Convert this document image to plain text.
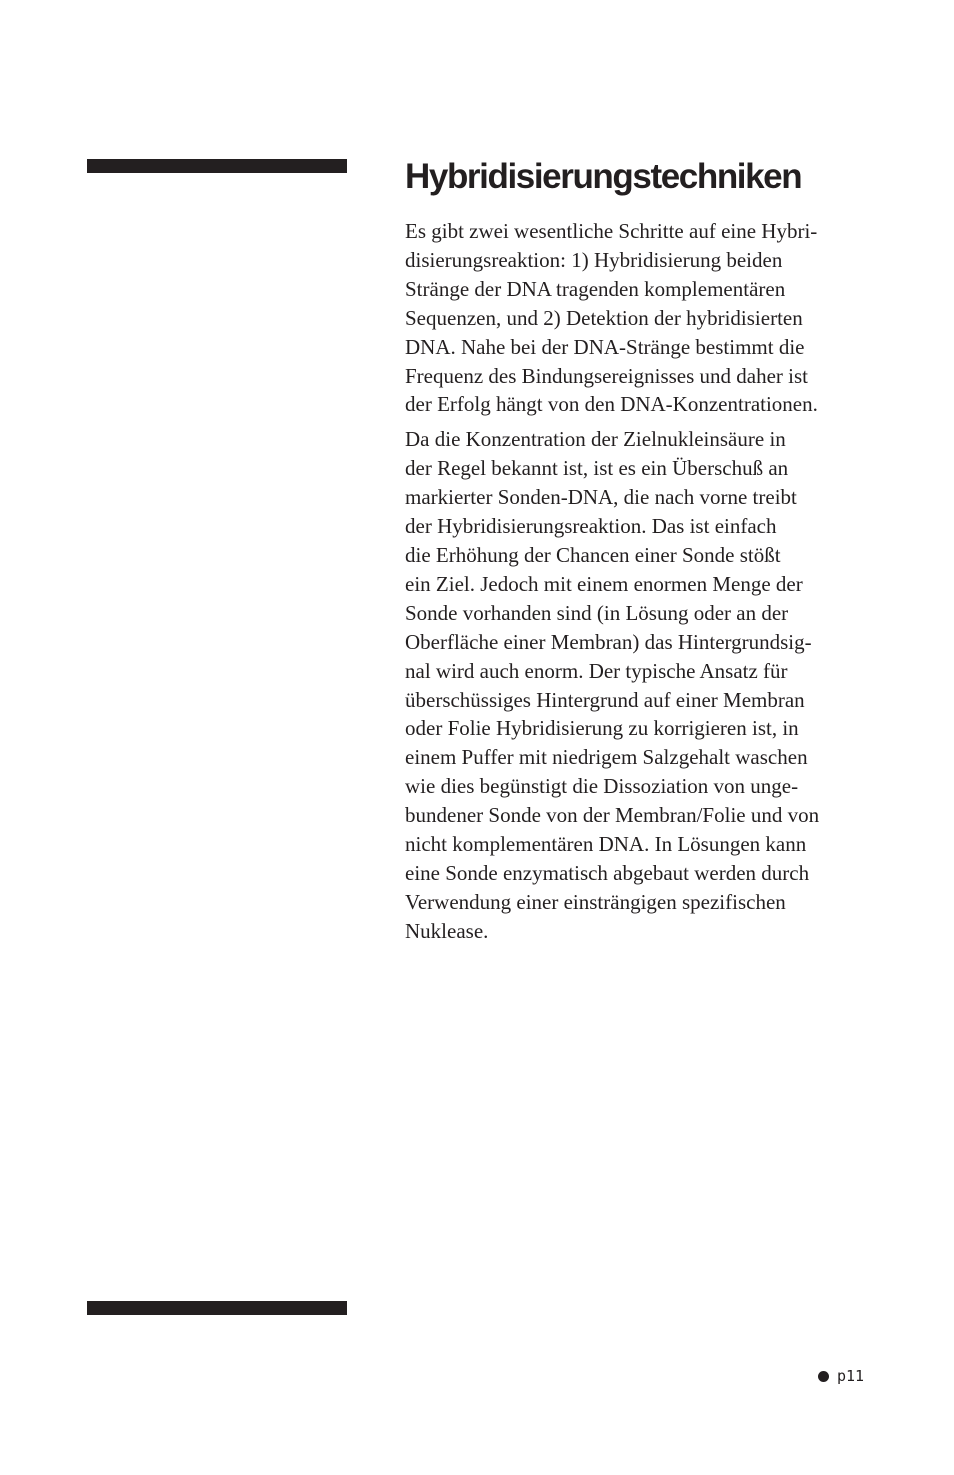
Hybridisierungstechniken

Es gibt zwei wesentliche Schritte auf eine Hybri-
disierungsreaktion: 1) Hybridisierung beiden
Stränge der DNA tragenden komplementären
Sequenzen, und 2) Detektion der hybridisierten
DNA. Nahe bei der DNA-Stränge bestimmt die
Frequenz des Bindungsereignisses und daher ist
der Erfolg hängt von den DNA-Konzentrationen.

Da die Konzentration der Zielnukleinsäure in
der Regel bekannt ist, ist es ein Überschuß an
markierter Sonden-DNA, die nach vorne treibt
der Hybridisierungsreaktion. Das ist einfach
die Erhöhung der Chancen einer Sonde stößt
ein Ziel. Jedoch mit einem enormen Menge der
Sonde vorhanden sind (in Lösung oder an der
Oberfläche einer Membran) das Hintergrundsig-
nal wird auch enorm. Der typische Ansatz für
überschüssiges Hintergrund auf einer Membran
oder Folie Hybridisierung zu korrigieren ist, in
einem Puffer mit niedrigem Salzgehalt waschen
wie dies begünstigt die Dissoziation von unge-
bundener Sonde von der Membran/Folie und von
nicht komplementären DNA. In Lösungen kann
eine Sonde enzymatisch abgebaut werden durch
Verwendung einer einsträngigen spezifischen
Nuklease.

p11
